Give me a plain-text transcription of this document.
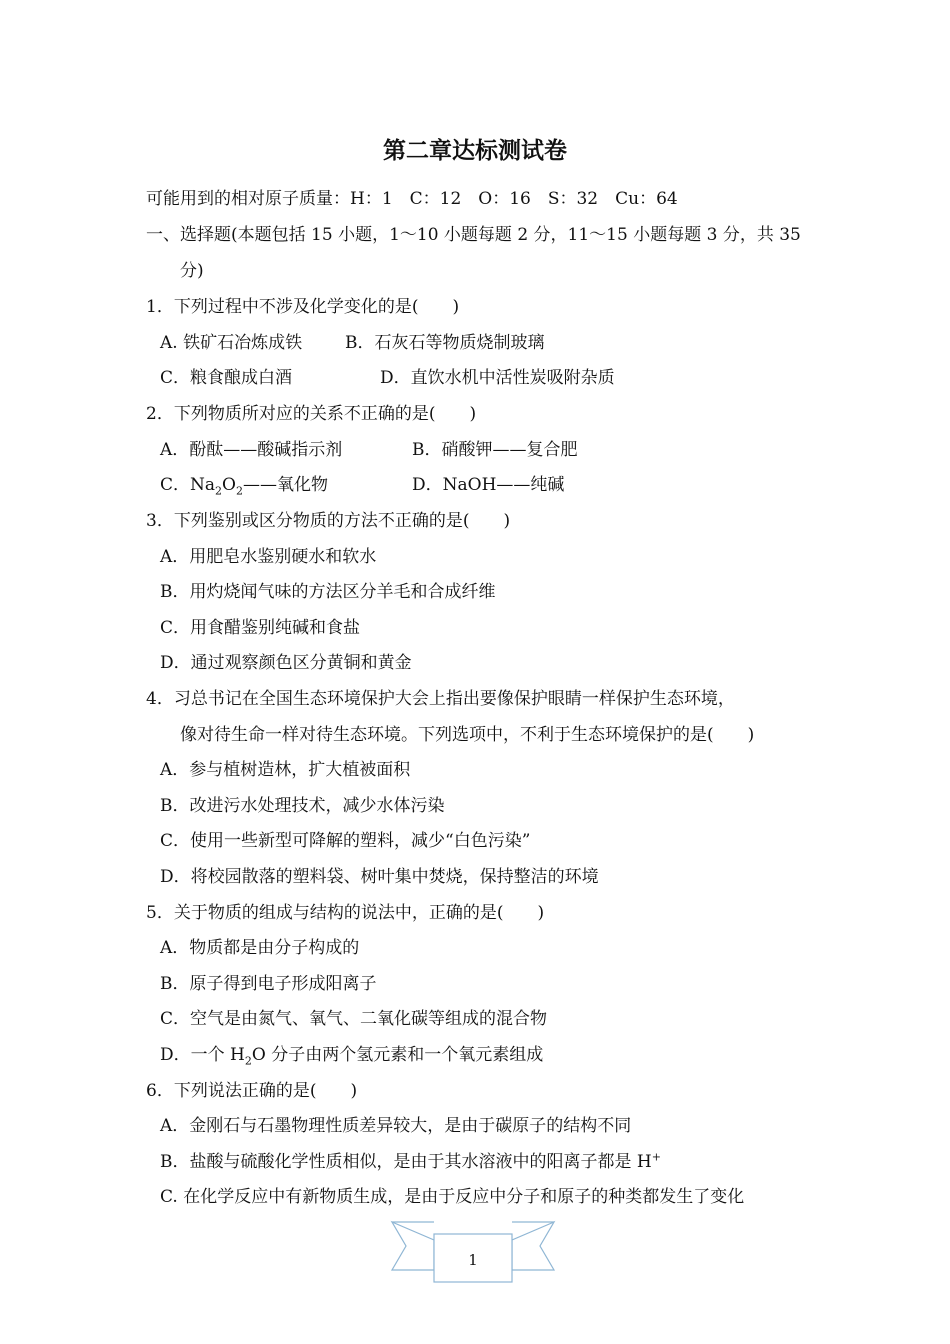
第二章达标测试卷
可能用到的相对原子质量：H：1　C：12　O：16　S：32　Cu：64
一、选择题(本题包括 15 小题，1～10 小题每题 2 分，11～15 小题每题 3 分，共 35
分)
1．下列过程中不涉及化学变化的是(　　)
A. 铁矿石冶炼成铁	B．石灰石等物质烧制玻璃
C．粮食酿成白酒	D．直饮水机中活性炭吸附杂质
2．下列物质所对应的关系不正确的是(　　)
A．酚酞——酸碱指示剂	B．硝酸钾——复合肥
C．$Na_2O_2——$氧化物	D．NaOH——纯碱
3．下列鉴别或区分物质的方法不正确的是(　　)
A．用肥皂水鉴别硬水和软水
B．用灼烧闻气味的方法区分羊毛和合成纤维
C．用食醋鉴别纯碱和食盐
D．通过观察颜色区分黄铜和黄金
4．习总书记在全国生态环境保护大会上指出要像保护眼睛一样保护生态环境，
像对待生命一样对待生态环境。下列选项中，不利于生态环境保护的是(　　)
A．参与植树造林，扩大植被面积
B．改进污水处理技术，减少水体污染
C．使用一些新型可降解的塑料，减少“白色污染”
D．将校园散落的塑料袋、树叶集中焚烧，保持整洁的环境
5．关于物质的组成与结构的说法中，正确的是(　　)
A．物质都是由分子构成的
B．原子得到电子形成阳离子
C．空气是由氮气、氧气、二氧化碳等组成的混合物
D．一个 $H_2O$ 分子由两个氢元素和一个氧元素组成
6．下列说法正确的是(　　)
A．金刚石与石墨物理性质差异较大，是由于碳原子的结构不同
B．盐酸与硫酸化学性质相似，是由于其水溶液中的阳离子都是 H+
C. 在化学反应中有新物质生成，是由于反应中分子和原子的种类都发生了变化
1
